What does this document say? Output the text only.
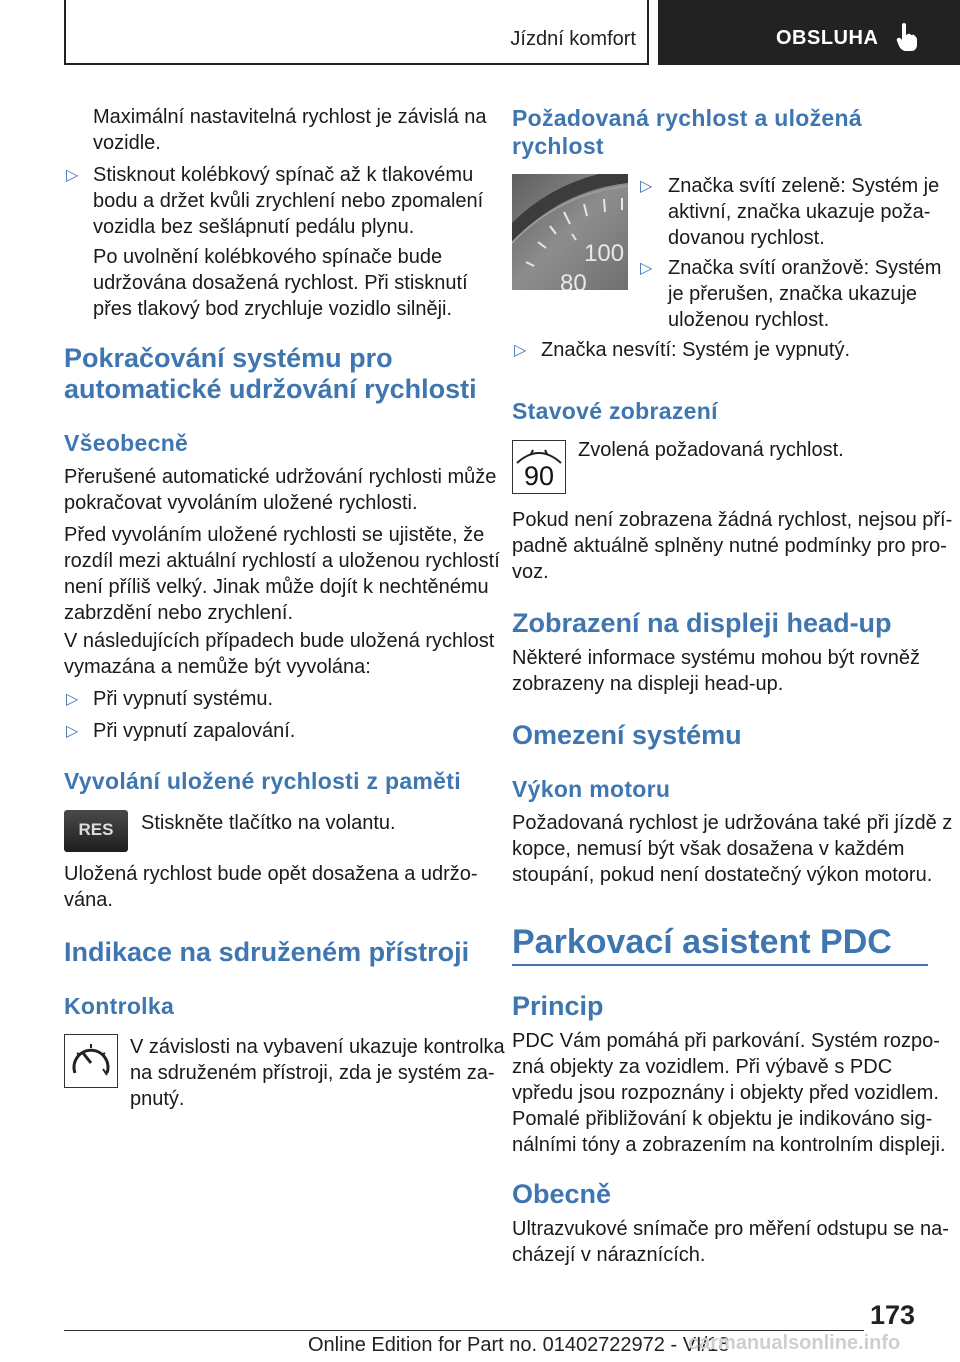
Jízdní komfort	OBSLUHA
Maximální nastavitelná rychlost je závislá na
vozidle.
▷ Stisknout kolébkový spínač až k tlakovému
bodu a držet kvůli zrychlení nebo zpomalení
vozidla bez sešlápnutí pedálu plynu.
Po uvolnění kolébkového spínače bude
udržována dosažená rychlost. Při stisknutí
přes tlakový bod zrychluje vozidlo silněji.
Pokračování systému pro
automatické udržování rychlosti
Všeobecně
Přerušené automatické udržování rychlosti může
pokračovat vyvoláním uložené rychlosti.
Před vyvoláním uložené rychlosti se ujistěte, že
rozdíl mezi aktuální rychlostí a uloženou rychlostí
není příliš velký. Jinak může dojít k nechtěnému
zabrzdění nebo zrychlení.
V následujících případech bude uložená rychlost
vymazána a nemůže být vyvolána:
▷ Při vypnutí systému.
▷ Při vypnutí zapalování.
Vyvolání uložené rychlosti z paměti
RES	Stiskněte tlačítko na volantu.
Uložená rychlost bude opět dosažena a udržo-
vána.
Indikace na sdruženém přístroji
Kontrolka
V závislosti na vybavení ukazuje kontrolka
na sdruženém přístroji, zda je systém za-
pnutý.
Požadovaná rychlost a uložená
rychlost
100
80
▷ Značka svítí zeleně: Systém je
aktivní, značka ukazuje poža-
dovanou rychlost.
▷ Značka svítí oranžově: Systém
je přerušen, značka ukazuje
uloženou rychlost.
▷ Značka nesvítí: Systém je vypnutý.
Stavové zobrazení
90
Zvolená požadovaná rychlost.
Pokud není zobrazena žádná rychlost, nejsou pří-
padně aktuálně splněny nutné podmínky pro pro-
voz.
Zobrazení na displeji head-up
Některé informace systému mohou být rovněž
zobrazeny na displeji head-up.
Omezení systému
Výkon motoru
Požadovaná rychlost je udržována také při jízdě z
kopce, nemusí být však dosažena v každém
stoupání, pokud není dostatečný výkon motoru.
Parkovací asistent PDC
Princip
PDC Vám pomáhá při parkování. Systém rozpo-
zná objekty za vozidlem. Při výbavě s PDC
vpředu jsou rozpoznány i objekty před vozidlem.
Pomalé přibližování k objektu je indikováno sig-
nálními tóny a zobrazením na kontrolním displeji.
Obecně
Ultrazvukové snímače pro měření odstupu se na-
cházejí v náraznících.
173
Online Edition for Part no. 01402722972 - VI/18
carmanualsonline.info
